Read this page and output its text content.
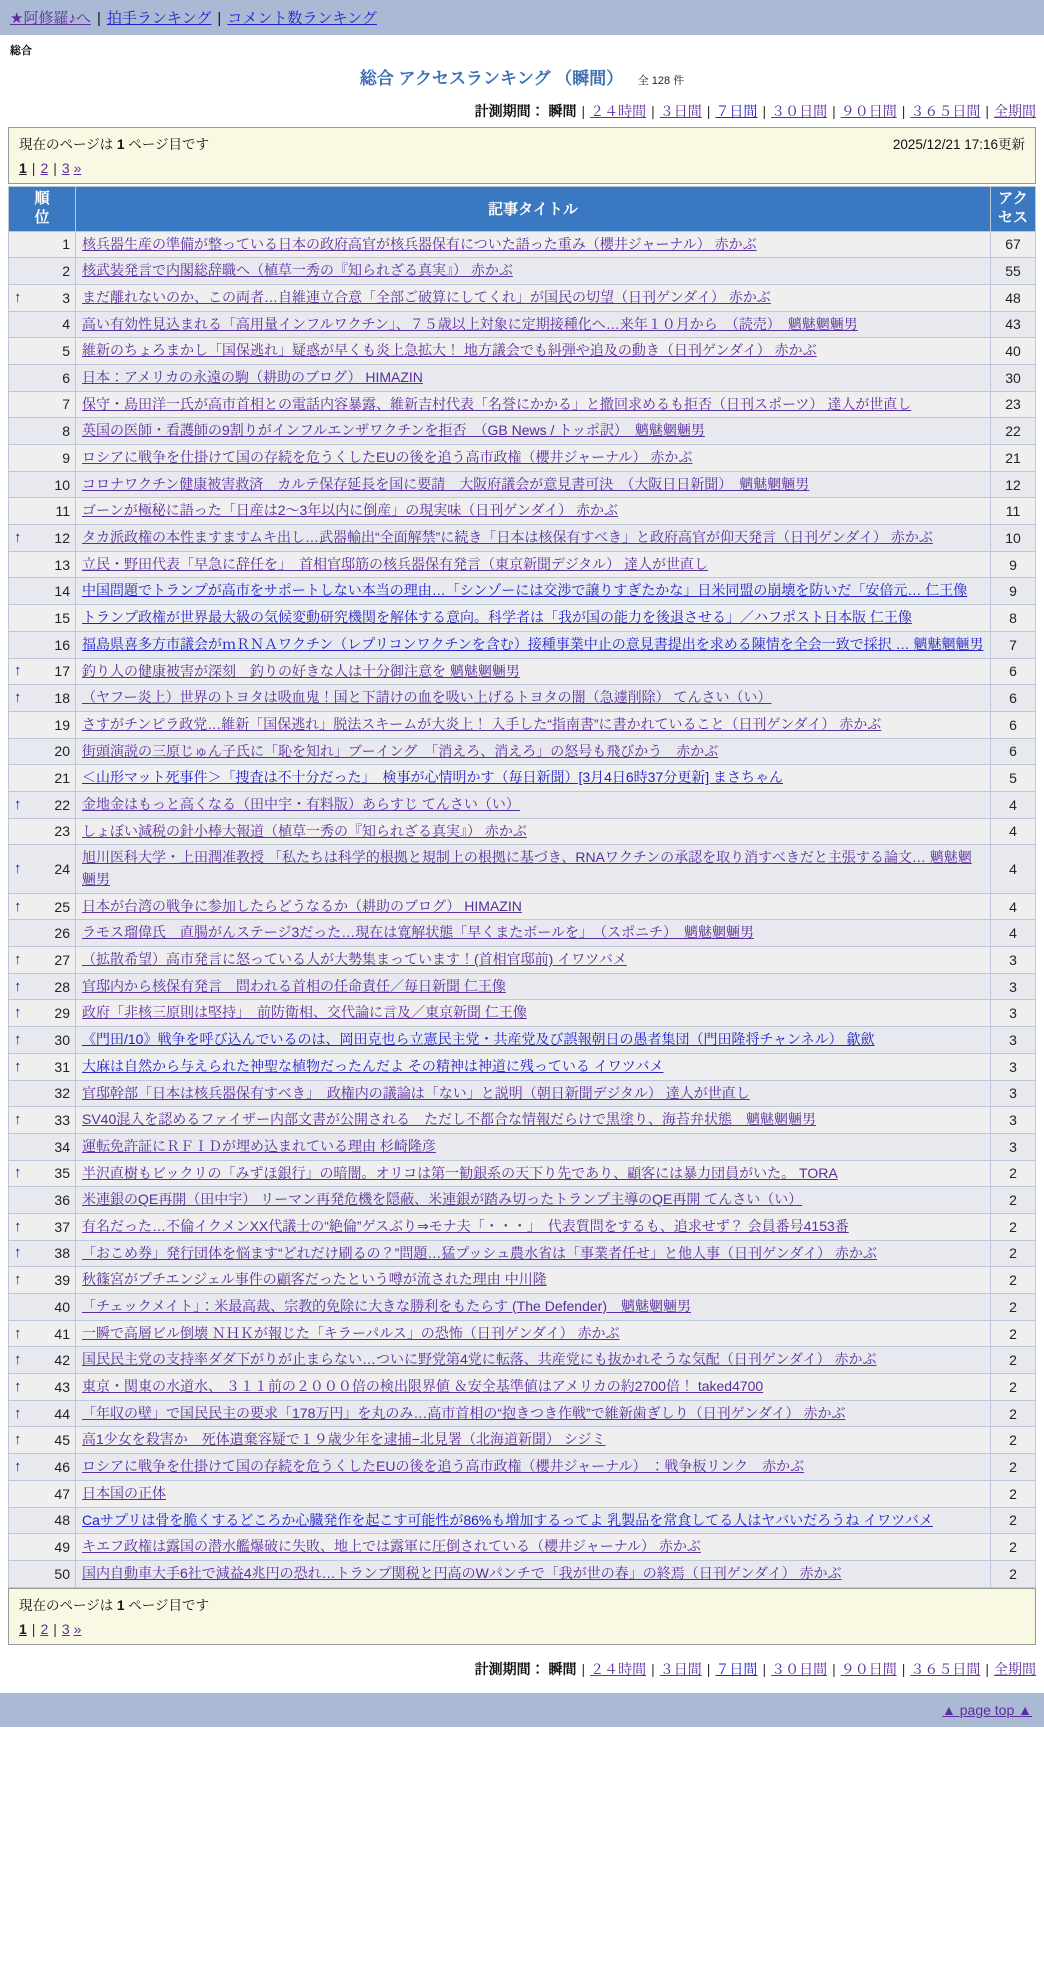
★阿修羅♪へ | 拍手ランキング | コメント数ランキング
総合
総合 アクセスランキング （瞬間） 全 128 件
計測期間： 瞬間 | ２４時間 | ３日間 | ７日間 | ３０日間 | ９０日間 | ３６５日間 | 全期間
2025/12/21 17:16更新
現在のページは 1 ページ目です
1 | 2 | 3 »
順位	記事タイトル	アクセス
1	核兵器生産の準備が整っている日本の政府高官が核兵器保有についた語った重み（櫻井ジャーナル） 赤かぶ	67
2	核武装発言で内閣総辞職へ（植草一秀の『知られざる真実』） 赤かぶ	55

↑ 3	まだ離れないのか、この両者…自維連立合意「全部ご破算にしてくれ」が国民の切望（日刊ゲンダイ） 赤かぶ	48
4	高い有効性見込まれる「高用量インフルワクチン」、７５歳以上対象に定期接種化へ…来年１０月から　（読売）　魑魅魍魎男	43
5	維新のちょろまかし「国保逃れ」疑惑が早くも炎上急拡大！ 地方議会でも糾弾や追及の動き（日刊ゲンダイ） 赤かぶ	40
6	日本：アメリカの永遠の駒（耕助のブログ） HIMAZIN	30
7	保守・島田洋一氏が高市首相との電話内容暴露、維新吉村代表「名誉にかかる」と撤回求めるも拒否（日刊スポーツ） 達人が世直し	23
8	英国の医師・看護師の9割りがインフルエンザワクチンを拒否　（GB News / トッポ訳）　魑魅魍魎男	22
9	ロシアに戦争を仕掛けて国の存続を危うくしたEUの後を追う高市政権（櫻井ジャーナル） 赤かぶ	21
10	コロナワクチン健康被害救済　カルテ保存延長を国に要請　大阪府議会が意見書可決　（大阪日日新聞）　魑魅魍魎男	12
11	ゴーンが極秘に語った「日産は2〜3年以内に倒産」の現実味（日刊ゲンダイ） 赤かぶ	11

↑ 12	タカ派政権の本性ますますムキ出し…武器輸出“全面解禁”に続き「日本は核保有すべき」と政府高官が仰天発言（日刊ゲンダイ） 赤かぶ	10
13	立民・野田代表「早急に辞任を」　首相官邸筋の核兵器保有発言（東京新聞デジタル） 達人が世直し	9
14	中国問題でトランプが高市をサポートしない本当の理由…「シンゾーには交渉で譲りすぎたかな」日米同盟の崩壊を防いだ「安倍元… 仁王像	9
15	トランプ政権が世界最大級の気候変動研究機関を解体する意向。科学者は「我が国の能力を後退させる」／ハフポスト日本版 仁王像	8
16	福島県喜多方市議会がｍＲＮＡワクチン（レプリコンワクチンを含む）接種事業中止の意見書提出を求める陳情を全会一致で採択 … 魑魅魍魎男	7

↑ 17	釣り人の健康被害が深刻　釣りの好きな人は十分御注意を 魑魅魍魎男	6

↑ 18	（ヤフー炎上）世界のトヨタは吸血鬼！国と下請けの血を吸い上げるトヨタの闇（急遽削除） てんさい（い）	6
19	さすがチンピラ政党…維新「国保逃れ」脱法スキームが大炎上！ 入手した“指南書”に書かれていること（日刊ゲンダイ） 赤かぶ	6
20	街頭演説の三原じゅん子氏に「恥を知れ」ブーイング　「消えろ、消えろ」の怒号も飛びかう　赤かぶ	6
21	＜山形マット死事件＞「捜査は不十分だった」　検事が心情明かす（毎日新聞）[3月4日6時37分更新] まさちゃん	5

↑ 22	金地金はもっと高くなる（田中宇・有料版）あらすじ てんさい（い）	4
23	しょぼい減税の針小棒大報道（植草一秀の『知られざる真実』） 赤かぶ	4

↑ 24	旭川医科大学・上田潤准教授 「私たちは科学的根拠と規制上の根拠に基づき、RNAワクチンの承認を取り消すべきだと主張する論文… 魑魅魍魎男	4

↑ 25	日本が台湾の戦争に参加したらどうなるか（耕助のブログ） HIMAZIN	4
26	ラモス瑠偉氏　直腸がんステージ3だった…現在は寛解状態「早くまたボールを」　（スポニチ）　魑魅魍魎男	4

↑ 27	（拡散希望）高市発言に怒っている人が大勢集まっています！(首相官邸前) イワツバメ	3

↑ 28	官邸内から核保有発言　問われる首相の任命責任／毎日新聞 仁王像	3

↑ 29	政府「非核三原則は堅持」　前防衛相、交代論に言及／東京新聞 仁王像	3

↑ 30	《門田/10》戦争を呼び込んでいるのは、岡田克也ら立憲民主党・共産党及び誤報朝日の愚者集団（門田隆将チャンネル） 歙歛	3

↑ 31	大麻は自然から与えられた神聖な植物だったんだよ その精神は神道に残っている イワツバメ	3
32	官邸幹部「日本は核兵器保有すべき」　政権内の議論は「ない」と説明（朝日新聞デジタル） 達人が世直し	3

↑ 33	SV40混入を認めるファイザー内部文書が公開される　ただし不都合な情報だらけで黒塗り、海苔弁状態　魑魅魍魎男	3
34	運転免許証にＲＦＩＤが埋め込まれている理由 杉崎隆彦	3

↑ 35	半沢直樹もビックリの「みずほ銀行」の暗闇。オリコは第一勧銀系の天下り先であり、顧客には暴力団員がいた。 TORA	2
36	米連銀のQE再開（田中宇） リーマン再発危機を隠蔽、米連銀が踏み切ったトランプ主導のQE再開 てんさい（い）	2

↑ 37	有名だった…不倫イクメンXX代議士の“絶倫”ゲスぶり⇒モナ夫「・・・」　代表質問をするも、追求せず？ 会員番号4153番	2

↑ 38	「おこめ券」発行団体を悩ます“どれだけ刷るの？”問題…猛プッシュ農水省は「事業者任せ」と他人事（日刊ゲンダイ） 赤かぶ	2

↑ 39	秋篠宮がプチエンジェル事件の顧客だったという噂が流された理由 中川隆	2
40	「チェックメイト」：米最高裁、宗教的免除に大きな勝利をもたらす (The Defender)　魑魅魍魎男	2

↑ 41	一瞬で高層ビル倒壊 ＮＨＫが報じた「キラーパルス」の恐怖（日刊ゲンダイ） 赤かぶ	2

↑ 42	国民民主党の支持率ダダ下がりが止まらない…ついに野党第4党に転落、共産党にも抜かれそうな気配（日刊ゲンダイ） 赤かぶ	2

↑ 43	東京・関東の水道水、 ３１１前の２０００倍の検出限界値 ＆安全基準値はアメリカの約2700倍！ taked4700	2

↑ 44	「年収の壁」で国民民主の要求「178万円」を丸のみ…高市首相の“抱きつき作戦”で維新歯ぎしり（日刊ゲンダイ） 赤かぶ	2

↑ 45	高1少女を殺害か　死体遺棄容疑で１９歳少年を逮捕−北見署（北海道新聞） シジミ	2

↑ 46	ロシアに戦争を仕掛けて国の存続を危うくしたEUの後を追う高市政権（櫻井ジャーナル） ：戦争板リンク　赤かぶ	2
47	日本国の正体	2
48	Caサプリは骨を脆くするどころか心臓発作を起こす可能性が86%も増加するってよ 乳製品を常食してる人はヤバいだろうね イワツバメ	2
49	キエフ政権は露国の潜水艦爆破に失敗、地上では露軍に圧倒されている（櫻井ジャーナル） 赤かぶ	2
50	国内自動車大手6社で減益4兆円の恐れ…トランプ関税と円高のWパンチで「我が世の春」の終焉（日刊ゲンダイ） 赤かぶ	2
現在のページは 1 ページ目です
1 | 2 | 3 »
計測期間： 瞬間 | ２４時間 | ３日間 | ７日間 | ３０日間 | ９０日間 | ３６５日間 | 全期間
▲ page top ▲
